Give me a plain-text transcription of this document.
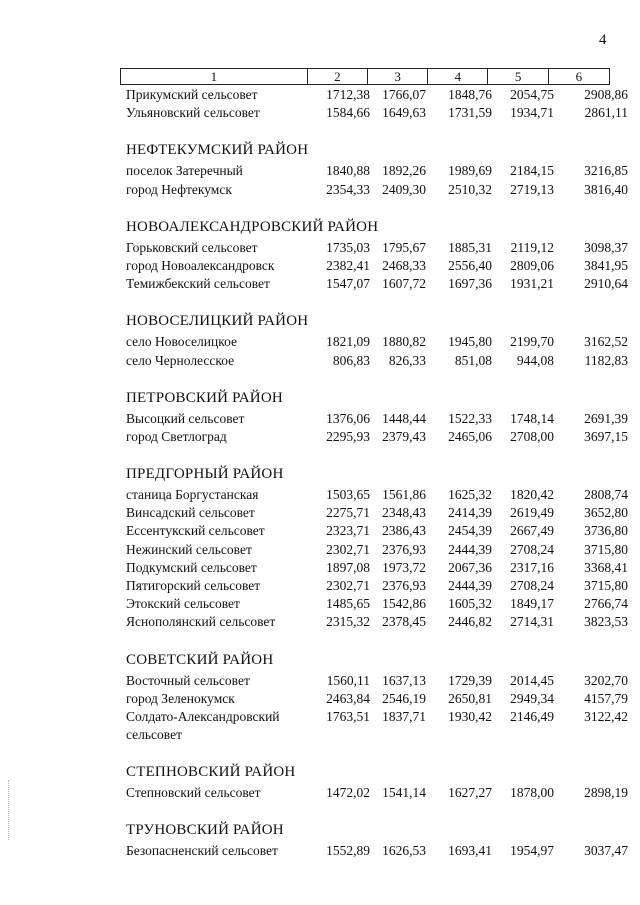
4
1	2	3	4	5	6
Прикумский сельсовет	1712,38 1766,07 1848,76 2054,75 2908,86
Ульяновский сельсовет	1584,66 1649,63 1731,59 1934,71 2861,11
НЕФТЕКУМСКИЙ РАЙОН
поселок Затеречный	1840,88 1892,26 1989,69 2184,15 3216,85
город Нефтекумск	2354,33 2409,30 2510,32 2719,13 3816,40
НОВОАЛЕКСАНДРОВСКИЙ РАЙОН
Горьковский сельсовет	1735,03 1795,67 1885,31 2119,12 3098,37
город Новоалександровск	2382,41 2468,33 2556,40 2809,06 3841,95
Темижбекский сельсовет	1547,07 1607,72 1697,36 1931,21 2910,64
НОВОСЕЛИЦКИЙ РАЙОН
село Новоселицкое	1821,09 1880,82 1945,80 2199,70 3162,52
село Чернолесское	806,83 826,33 851,08 944,08 1182,83
ПЕТРОВСКИЙ РАЙОН
Высоцкий сельсовет	1376,06 1448,44 1522,33 1748,14 2691,39
город Светлоград	2295,93 2379,43 2465,06 2708,00 3697,15
ПРЕДГОРНЫЙ РАЙОН
станица Боргустанская	1503,65 1561,86 1625,32 1820,42 2808,74
Винсадский сельсовет	2275,71 2348,43 2414,39 2619,49 3652,80
Ессентукский сельсовет	2323,71 2386,43 2454,39 2667,49 3736,80
Нежинский сельсовет	2302,71 2376,93 2444,39 2708,24 3715,80
Подкумский сельсовет	1897,08 1973,72 2067,36 2317,16 3368,41
Пятигорский сельсовет	2302,71 2376,93 2444,39 2708,24 3715,80
Этокский сельсовет	1485,65 1542,86 1605,32 1849,17 2766,74
Яснополянский сельсовет	2315,32 2378,45 2446,82 2714,31 3823,53
СОВЕТСКИЙ РАЙОН
Восточный сельсовет	1560,11 1637,13 1729,39 2014,45 3202,70
город Зеленокумск	2463,84 2546,19 2650,81 2949,34 4157,79
Солдато-Александровский сельсовет
1763,51 1837,71 1930,42 2146,49 3122,42
СТЕПНОВСКИЙ РАЙОН
Степновский сельсовет	1472,02 1541,14 1627,27 1878,00 2898,19
ТРУНОВСКИЙ РАЙОН
Безопасненский сельсовет	1552,89 1626,53 1693,41 1954,97 3037,47
